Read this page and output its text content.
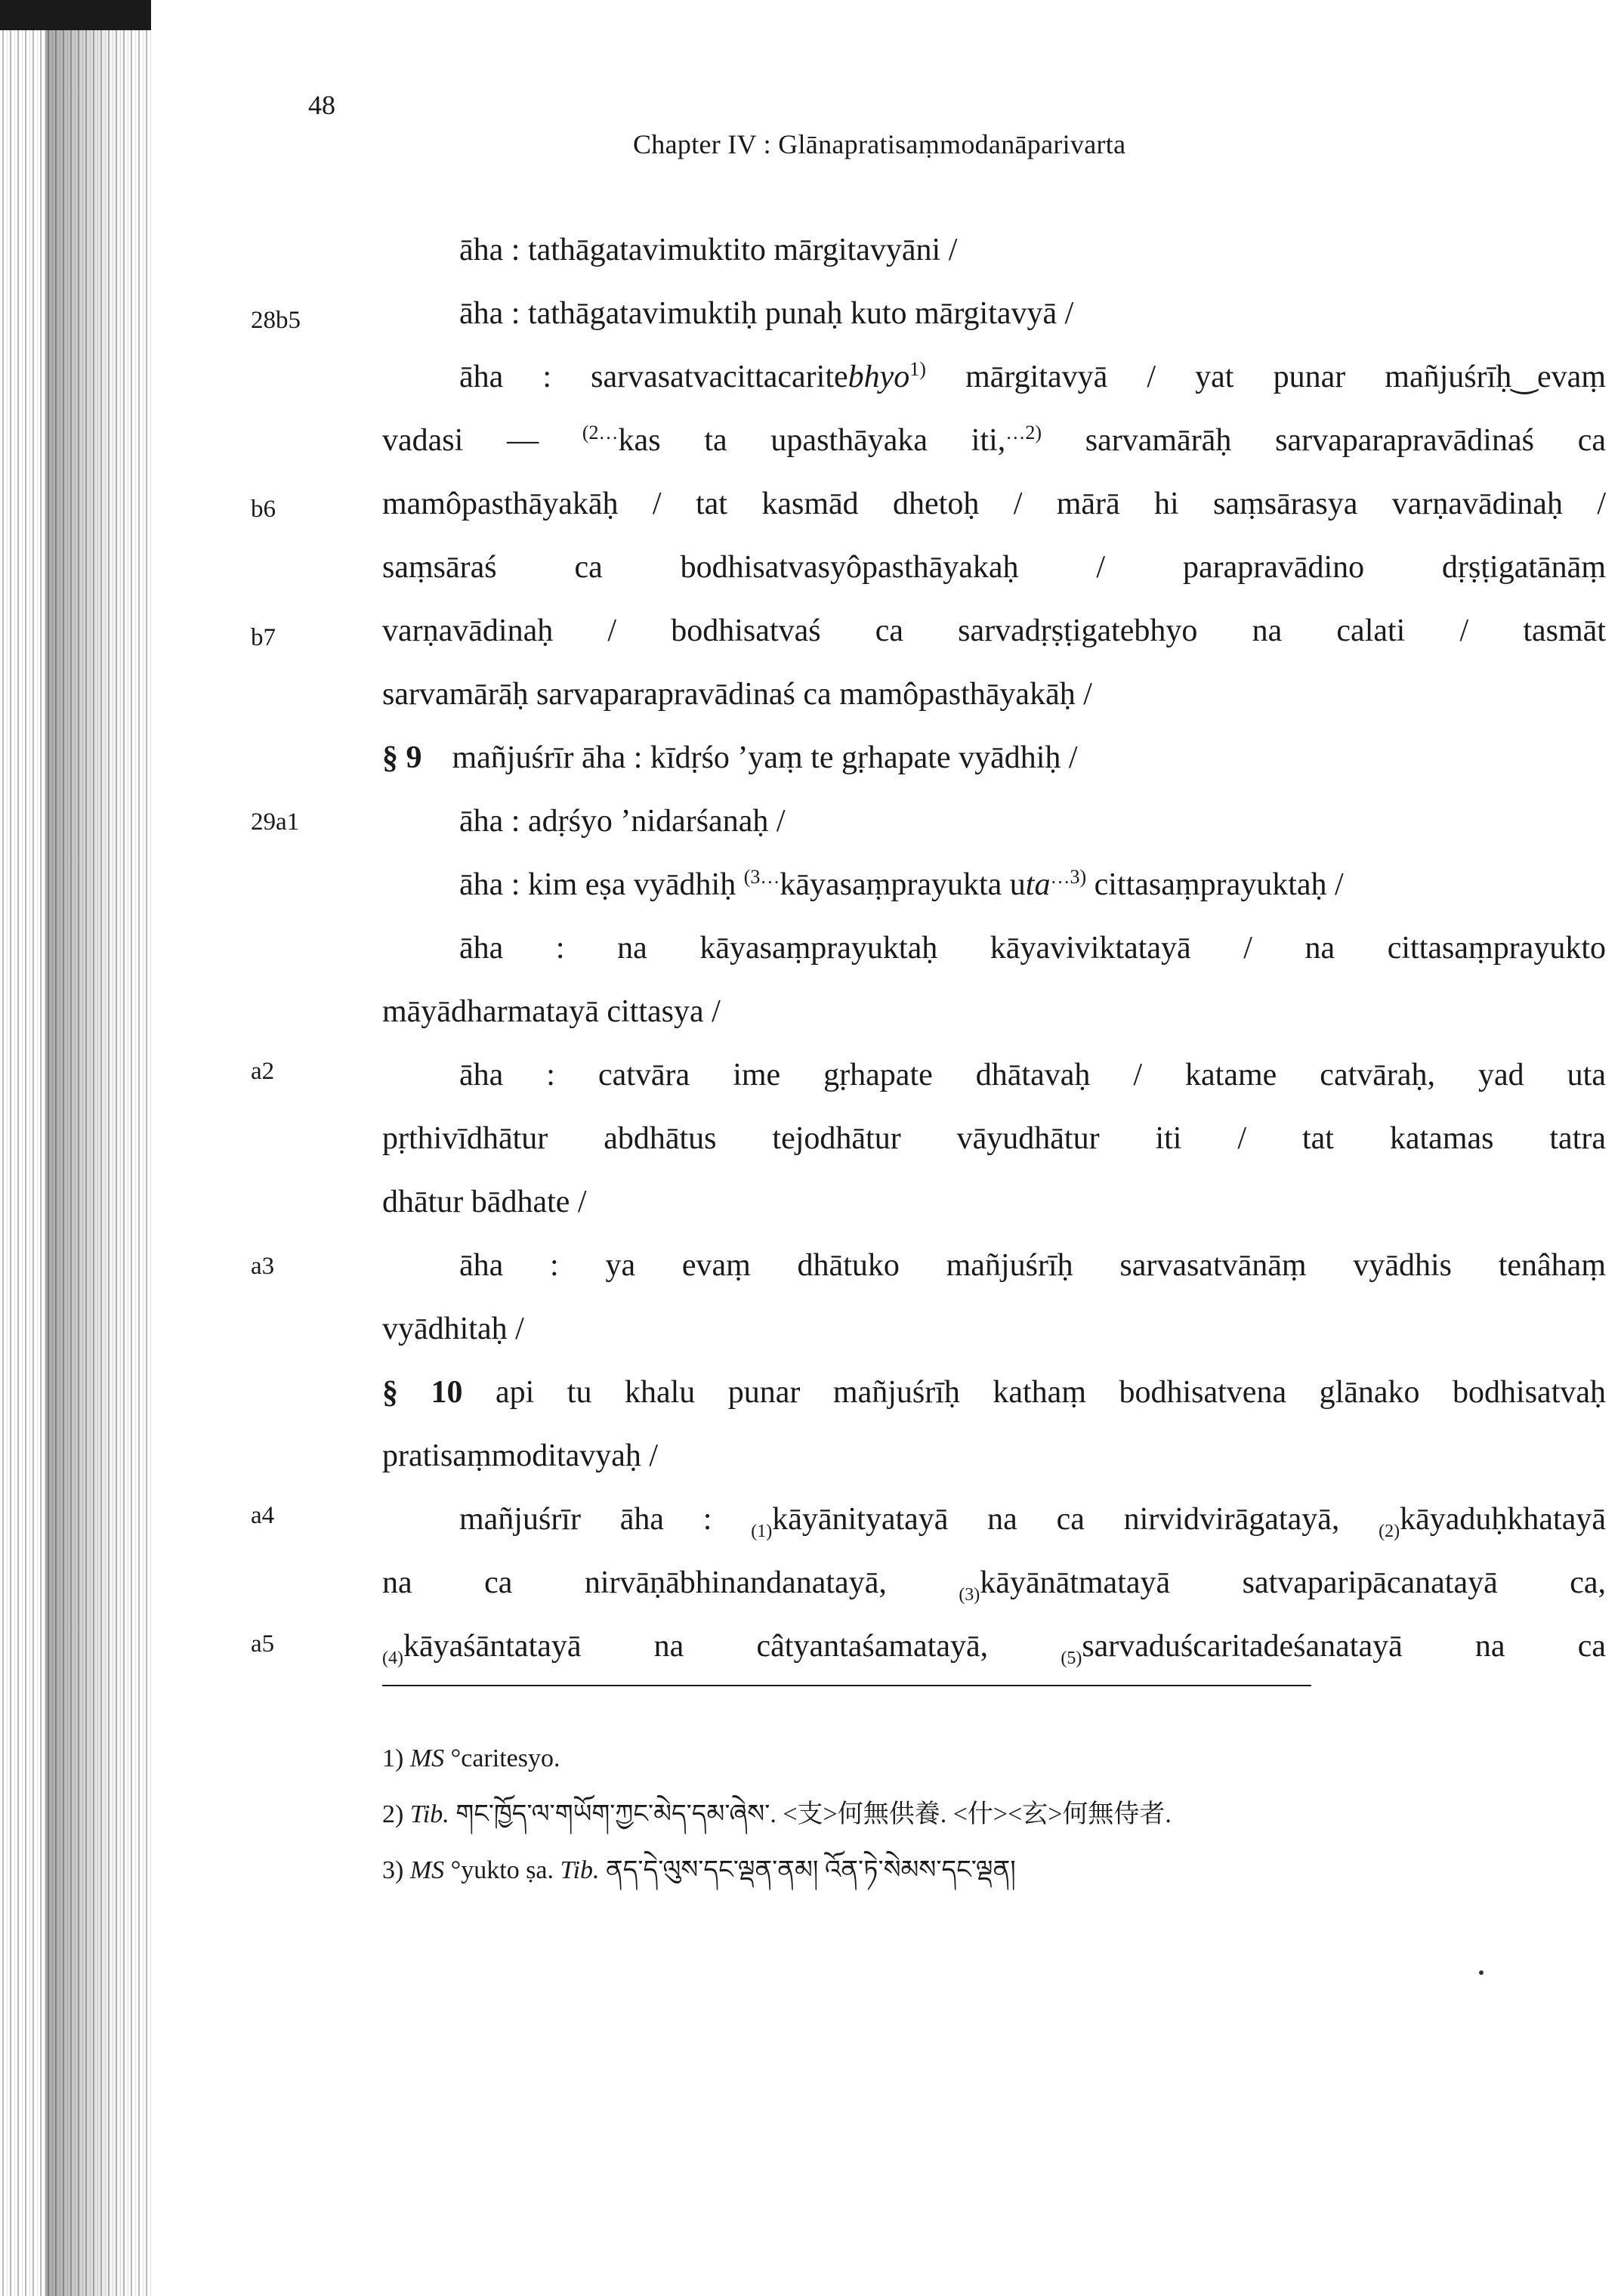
48
Chapter IV : Glānapratisaṃmodanāparivarta
28b5
b6
b7
29a1
a2
a3
a4
a5
āha : tathāgatavimuktito mārgitavyāni /
āha : tathāgatavimuktiḥ punaḥ kuto mārgitavyā /
āha : sarvasatvacittacaritebhyo$^{1)}$ mārgitavyā / yat punar mañjuśrīḥ‿evaṃ
vadasi — $^{(2\dots}$kas ta upasthāyaka iti,$^{\dots 2)}$ sarvamārāḥ sarvaparapravādinaś ca
mamôpasthāyakāḥ / tat kasmād dhetoḥ / mārā hi saṃsārasya varṇavādinaḥ /
saṃsāraś ca bodhisatvasyôpasthāyakaḥ / parapravādino dṛṣṭigatānāṃ
varṇavādinaḥ / bodhisatvaś ca sarvadṛṣṭigatebhyo na calati / tasmāt
sarvamārāḥ sarvaparapravādinaś ca mamôpasthāyakāḥ /
§ 9 mañjuśrīr āha : kīdṛśo ’yaṃ te gṛhapate vyādhiḥ /
āha : adṛśyo ’nidarśanaḥ /
āha : kim eṣa vyādhiḥ $^{(3\dots}$kāyasaṃprayukta uta$^{\dots 3)}$ cittasaṃprayuktaḥ /
āha : na kāyasaṃprayuktaḥ kāyaviviktatayā / na cittasaṃprayukto
māyādharmatayā cittasya /
āha : catvāra ime gṛhapate dhātavaḥ / katame catvāraḥ, yad uta
pṛthivīdhātur abdhātus tejodhātur vāyudhātur iti / tat katamas tatra
dhātur bādhate /
āha : ya evaṃ dhātuko mañjuśrīḥ sarvasatvānāṃ vyādhis tenâhaṃ
vyādhitaḥ /
§ 10 api tu khalu punar mañjuśrīḥ kathaṃ bodhisatvena glānako bodhisatvaḥ
pratisaṃmoditavyaḥ /
mañjuśrīr āha : $_{(1)}$kāyānityatayā na ca nirvidvirāgatayā, $_{(2)}$kāyaduḥkhatayā
na ca nirvāṇābhinandanatayā, $_{(3)}$kāyānātmatayā satvaparipācanatayā ca,
$_{(4)}$kāyaśāntatayā na câtyantaśamatayā, $_{(5)}$sarvaduścaritadeśanatayā na ca
1) MS °caritesyo.
2) Tib. གང་ཁྱོད་ལ་གཡོག་ཀྱང་མེད་དམ་ཞེས་. <支>何無供養. <什><玄>何無侍者.
3) MS °yukto ṣa. Tib. ནད་དེ་ལུས་དང་ལྡན་ནམ། འོན་ཏེ་སེམས་དང་ལྡན།
